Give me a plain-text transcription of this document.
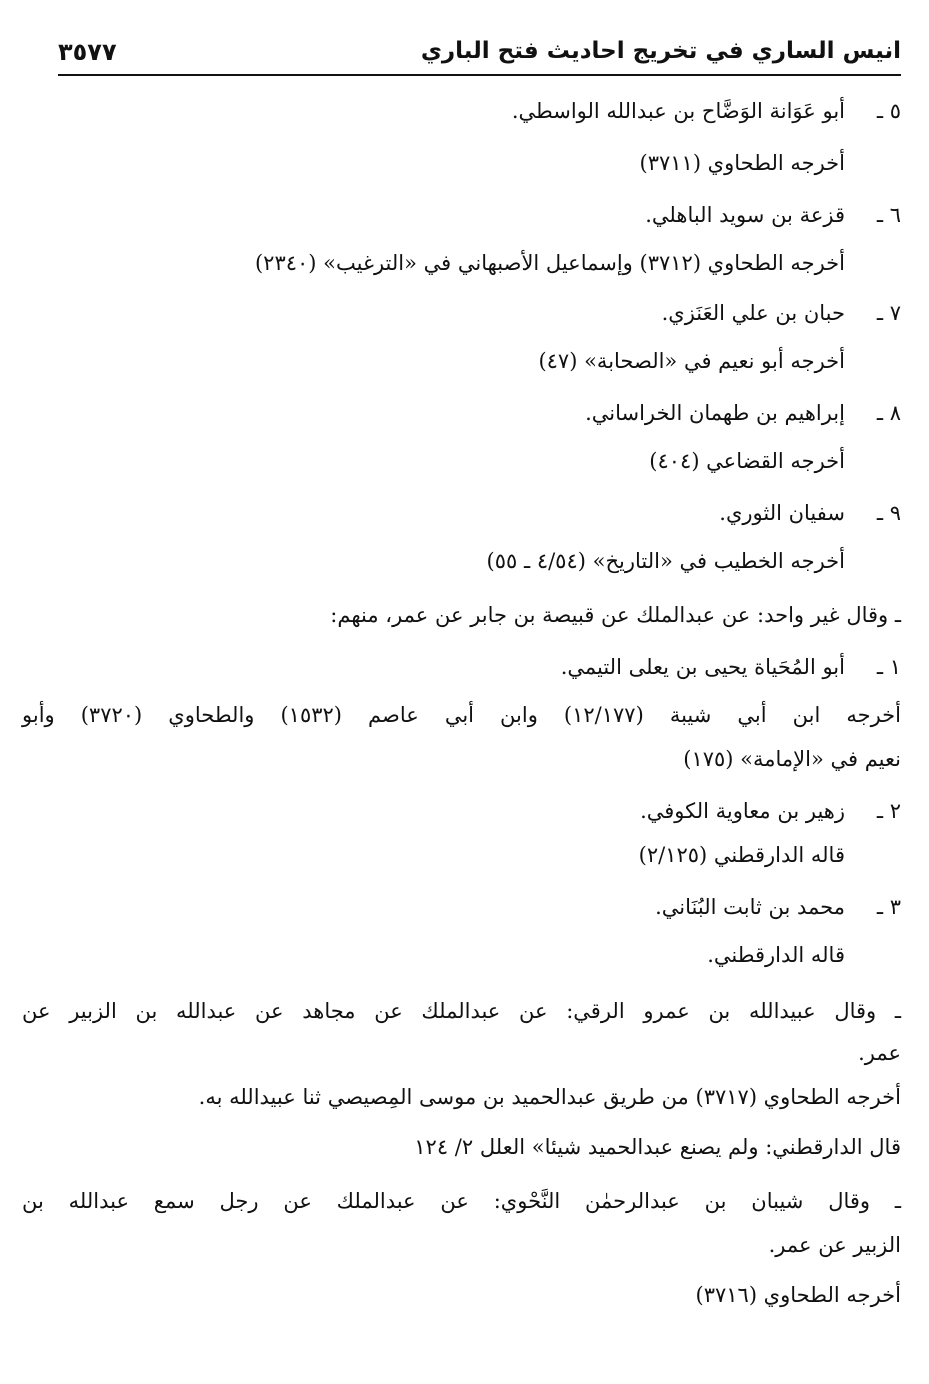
انيس الساري في تخريج احاديث فتح الباري
٣٥٧٧
٥ ـأبو عَوَانة الوَضَّاح بن عبدالله الواسطي.
أخرجه الطحاوي (٣٧١١)
٦ ـقزعة بن سويد الباهلي.
أخرجه الطحاوي (٣٧١٢) وإسماعيل الأصبهاني في «الترغيب» (٢٣٤٠)
٧ ـحبان بن علي العَنَزي.
أخرجه أبو نعيم في «الصحابة» (٤٧)
٨ ـإبراهيم بن طهمان الخراساني.
أخرجه القضاعي (٤٠٤)
٩ ـسفيان الثوري.
أخرجه الخطيب في «التاريخ» (٤/٥٤ ـ ٥٥)
ـ وقال غير واحد: عن عبدالملك عن قبيصة بن جابر عن عمر، منهم:
١ ـأبو المُحَياة يحيى بن يعلى التيمي.
أخرجه ابن أبي شيبة (١٢/١٧٧) وابن أبي عاصم (١٥٣٢) والطحاوي (٣٧٢٠) وأبو
نعيم في «الإمامة» (١٧٥)
٢ ـزهير بن معاوية الكوفي.
قاله الدارقطني (٢/١٢٥)
٣ ـمحمد بن ثابت البُنَاني.
قاله الدارقطني.
ـ وقال عبيدالله بن عمرو الرقي: عن عبدالملك عن مجاهد عن عبدالله بن الزبير عن
عمر.
أخرجه الطحاوي (٣٧١٧) من طريق عبدالحميد بن موسى المِصيصي ثنا عبيدالله به.
قال الدارقطني: ولم يصنع عبدالحميد شيئا» العلل ٢/ ١٢٤
ـ وقال شيبان بن عبدالرحمٰن النَّحْوي: عن عبدالملك عن رجل سمع عبدالله بن
الزبير عن عمر.
أخرجه الطحاوي (٣٧١٦)
